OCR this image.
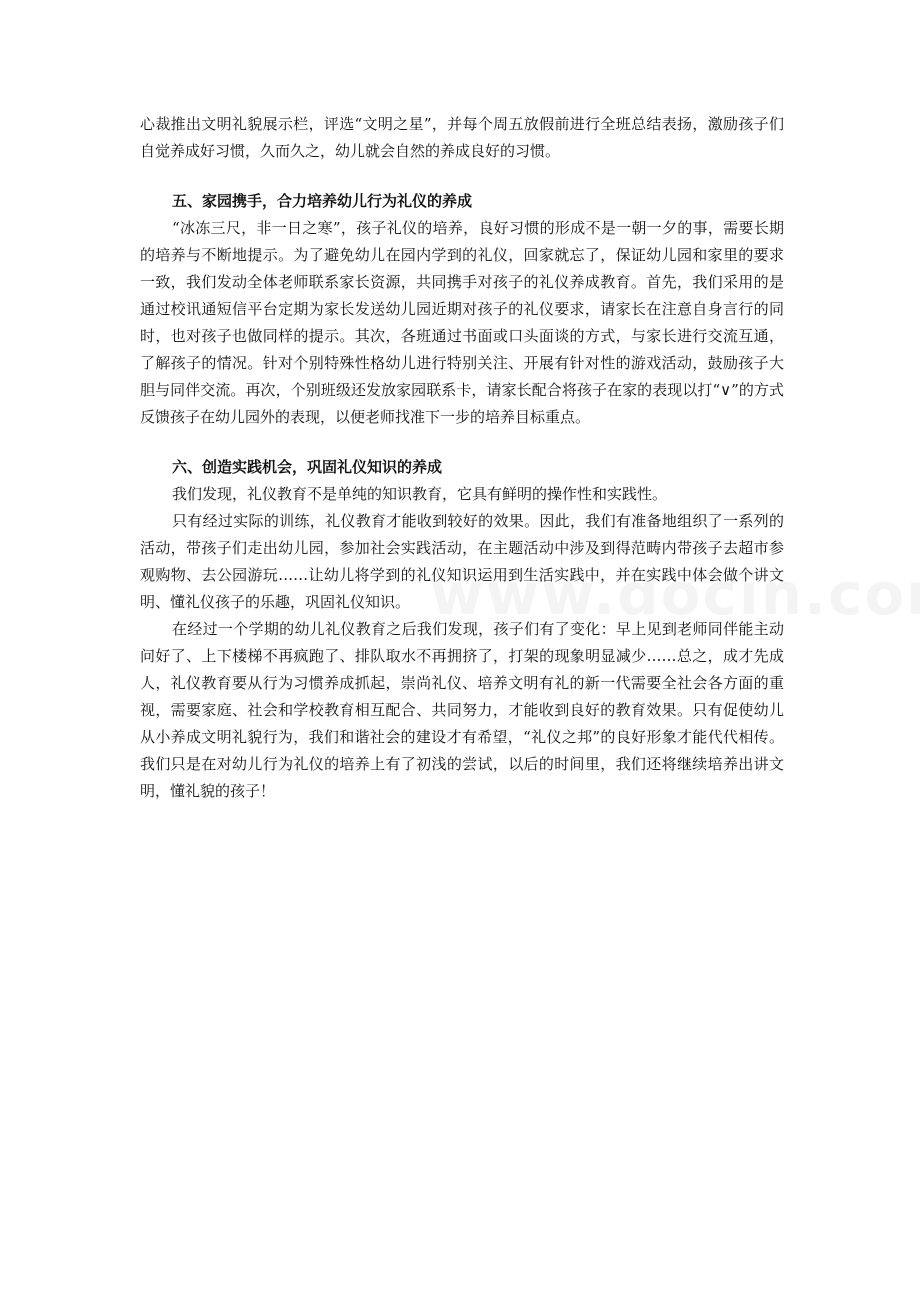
心裁推出文明礼貌展示栏，评选“文明之星”，并每个周五放假前进行全班总结表扬，激励孩子们自觉养成好习惯，久而久之，幼儿就会自然的养成良好的习惯。

五、家园携手，合力培养幼儿行为礼仪的养成

“冰冻三尺，非一日之寒”，孩子礼仪的培养，良好习惯的形成不是一朝一夕的事，需要长期的培养与不断地提示。为了避免幼儿在园内学到的礼仪，回家就忘了，保证幼儿园和家里的要求一致，我们发动全体老师联系家长资源，共同携手对孩子的礼仪养成教育。首先，我们采用的是通过校讯通短信平台定期为家长发送幼儿园近期对孩子的礼仪要求，请家长在注意自身言行的同时，也对孩子也做同样的提示。其次，各班通过书面或口头面谈的方式，与家长进行交流互通，了解孩子的情况。针对个别特殊性格幼儿进行特别关注、开展有针对性的游戏活动，鼓励孩子大胆与同伴交流。再次，个别班级还发放家园联系卡，请家长配合将孩子在家的表现以打“∨”的方式反馈孩子在幼儿园外的表现，以便老师找准下一步的培养目标重点。

六、创造实践机会，巩固礼仪知识的养成

我们发现，礼仪教育不是单纯的知识教育，它具有鲜明的操作性和实践性。

只有经过实际的训练，礼仪教育才能收到较好的效果。因此，我们有准备地组织了一系列的活动，带孩子们走出幼儿园，参加社会实践活动，在主题活动中涉及到得范畴内带孩子去超市参观购物、去公园游玩……让幼儿将学到的礼仪知识运用到生活实践中，并在实践中体会做个讲文明、懂礼仪孩子的乐趣，巩固礼仪知识。

在经过一个学期的幼儿礼仪教育之后我们发现，孩子们有了变化：早上见到老师同伴能主动问好了、上下楼梯不再疯跑了、排队取水不再拥挤了，打架的现象明显减少……总之，成才先成人，礼仪教育要从行为习惯养成抓起，崇尚礼仪、培养文明有礼的新一代需要全社会各方面的重视，需要家庭、社会和学校教育相互配合、共同努力，才能收到良好的教育效果。只有促使幼儿从小养成文明礼貌行为，我们和谐社会的建设才有希望，“礼仪之邦”的良好形象才能代代相传。我们只是在对幼儿行为礼仪的培养上有了初浅的尝试，以后的时间里，我们还将继续培养出讲文明，懂礼貌的孩子！
